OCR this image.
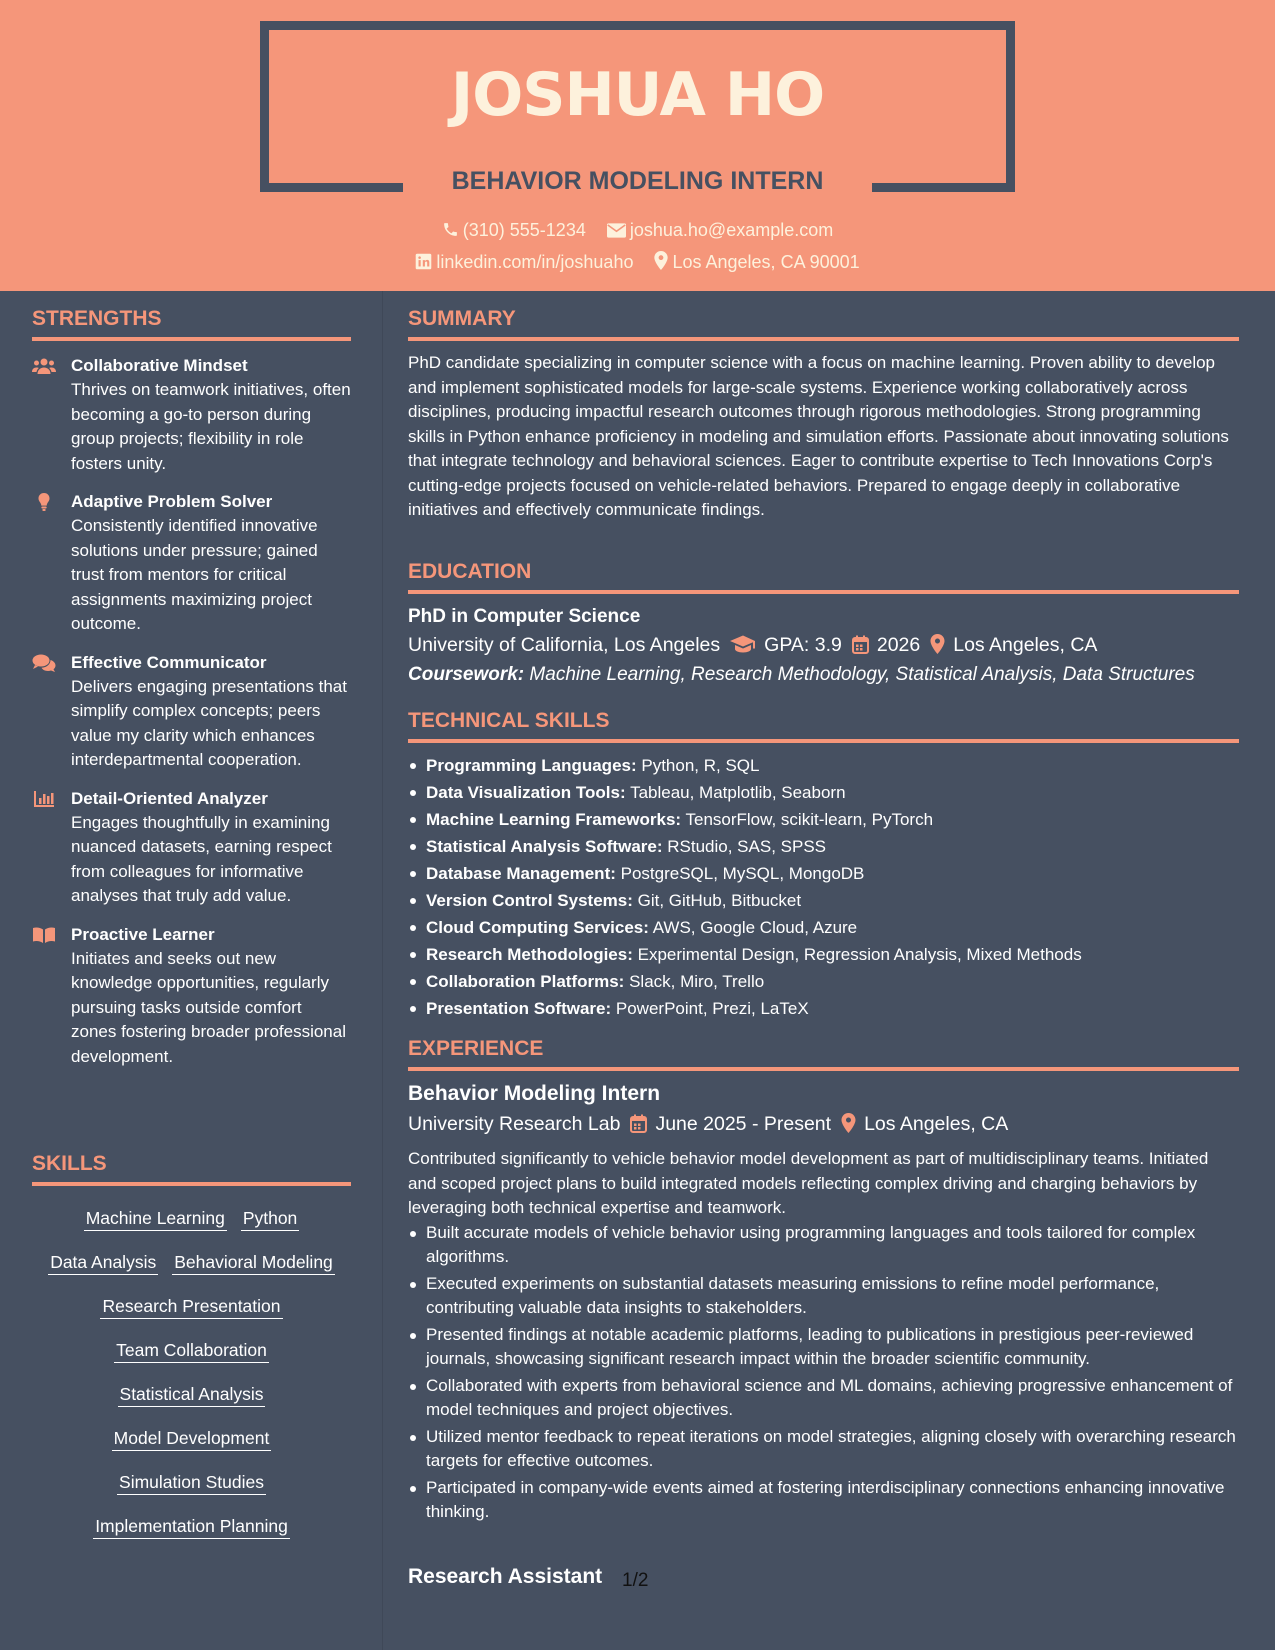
JOSHUA HO
BEHAVIOR MODELING INTERN
(310) 555-1234 joshua.ho@example.com
linkedin.com/in/joshuaho Los Angeles, CA 90001
STRENGTHS
Collaborative Mindset
Thrives on teamwork initiatives, often becoming a go-to person during group projects; flexibility in role fosters unity.
Adaptive Problem Solver
Consistently identified innovative solutions under pressure; gained trust from mentors for critical assignments maximizing project outcome.
Effective Communicator
Delivers engaging presentations that simplify complex concepts; peers value my clarity which enhances interdepartmental cooperation.
Detail-Oriented Analyzer
Engages thoughtfully in examining nuanced datasets, earning respect from colleagues for informative analyses that truly add value.
Proactive Learner
Initiates and seeks out new knowledge opportunities, regularly pursuing tasks outside comfort zones fostering broader professional development.
SKILLS
Machine Learning Python
Data Analysis Behavioral Modeling
Research Presentation
Team Collaboration
Statistical Analysis
Model Development
Simulation Studies
Implementation Planning
SUMMARY
PhD candidate specializing in computer science with a focus on machine learning. Proven ability to develop and implement sophisticated models for large-scale systems. Experience working collaboratively across disciplines, producing impactful research outcomes through rigorous methodologies. Strong programming skills in Python enhance proficiency in modeling and simulation efforts. Passionate about innovating solutions that integrate technology and behavioral sciences. Eager to contribute expertise to Tech Innovations Corp's cutting-edge projects focused on vehicle-related behaviors. Prepared to engage deeply in collaborative initiatives and effectively communicate findings.
EDUCATION
PhD in Computer Science
University of California, Los Angeles GPA: 3.9 2026 Los Angeles, CA
Coursework: Machine Learning, Research Methodology, Statistical Analysis, Data Structures
TECHNICAL SKILLS
Programming Languages: Python, R, SQL
Data Visualization Tools: Tableau, Matplotlib, Seaborn
Machine Learning Frameworks: TensorFlow, scikit-learn, PyTorch
Statistical Analysis Software: RStudio, SAS, SPSS
Database Management: PostgreSQL, MySQL, MongoDB
Version Control Systems: Git, GitHub, Bitbucket
Cloud Computing Services: AWS, Google Cloud, Azure
Research Methodologies: Experimental Design, Regression Analysis, Mixed Methods
Collaboration Platforms: Slack, Miro, Trello
Presentation Software: PowerPoint, Prezi, LaTeX
EXPERIENCE
Behavior Modeling Intern
University Research Lab June 2025 - Present Los Angeles, CA
Contributed significantly to vehicle behavior model development as part of multidisciplinary teams. Initiated and scoped project plans to build integrated models reflecting complex driving and charging behaviors by leveraging both technical expertise and teamwork.
Built accurate models of vehicle behavior using programming languages and tools tailored for complex algorithms.
Executed experiments on substantial datasets measuring emissions to refine model performance, contributing valuable data insights to stakeholders.
Presented findings at notable academic platforms, leading to publications in prestigious peer-reviewed journals, showcasing significant research impact within the broader scientific community.
Collaborated with experts from behavioral science and ML domains, achieving progressive enhancement of model techniques and project objectives.
Utilized mentor feedback to repeat iterations on model strategies, aligning closely with overarching research targets for effective outcomes.
Participated in company-wide events aimed at fostering interdisciplinary connections enhancing innovative thinking.
Research Assistant 1/2
